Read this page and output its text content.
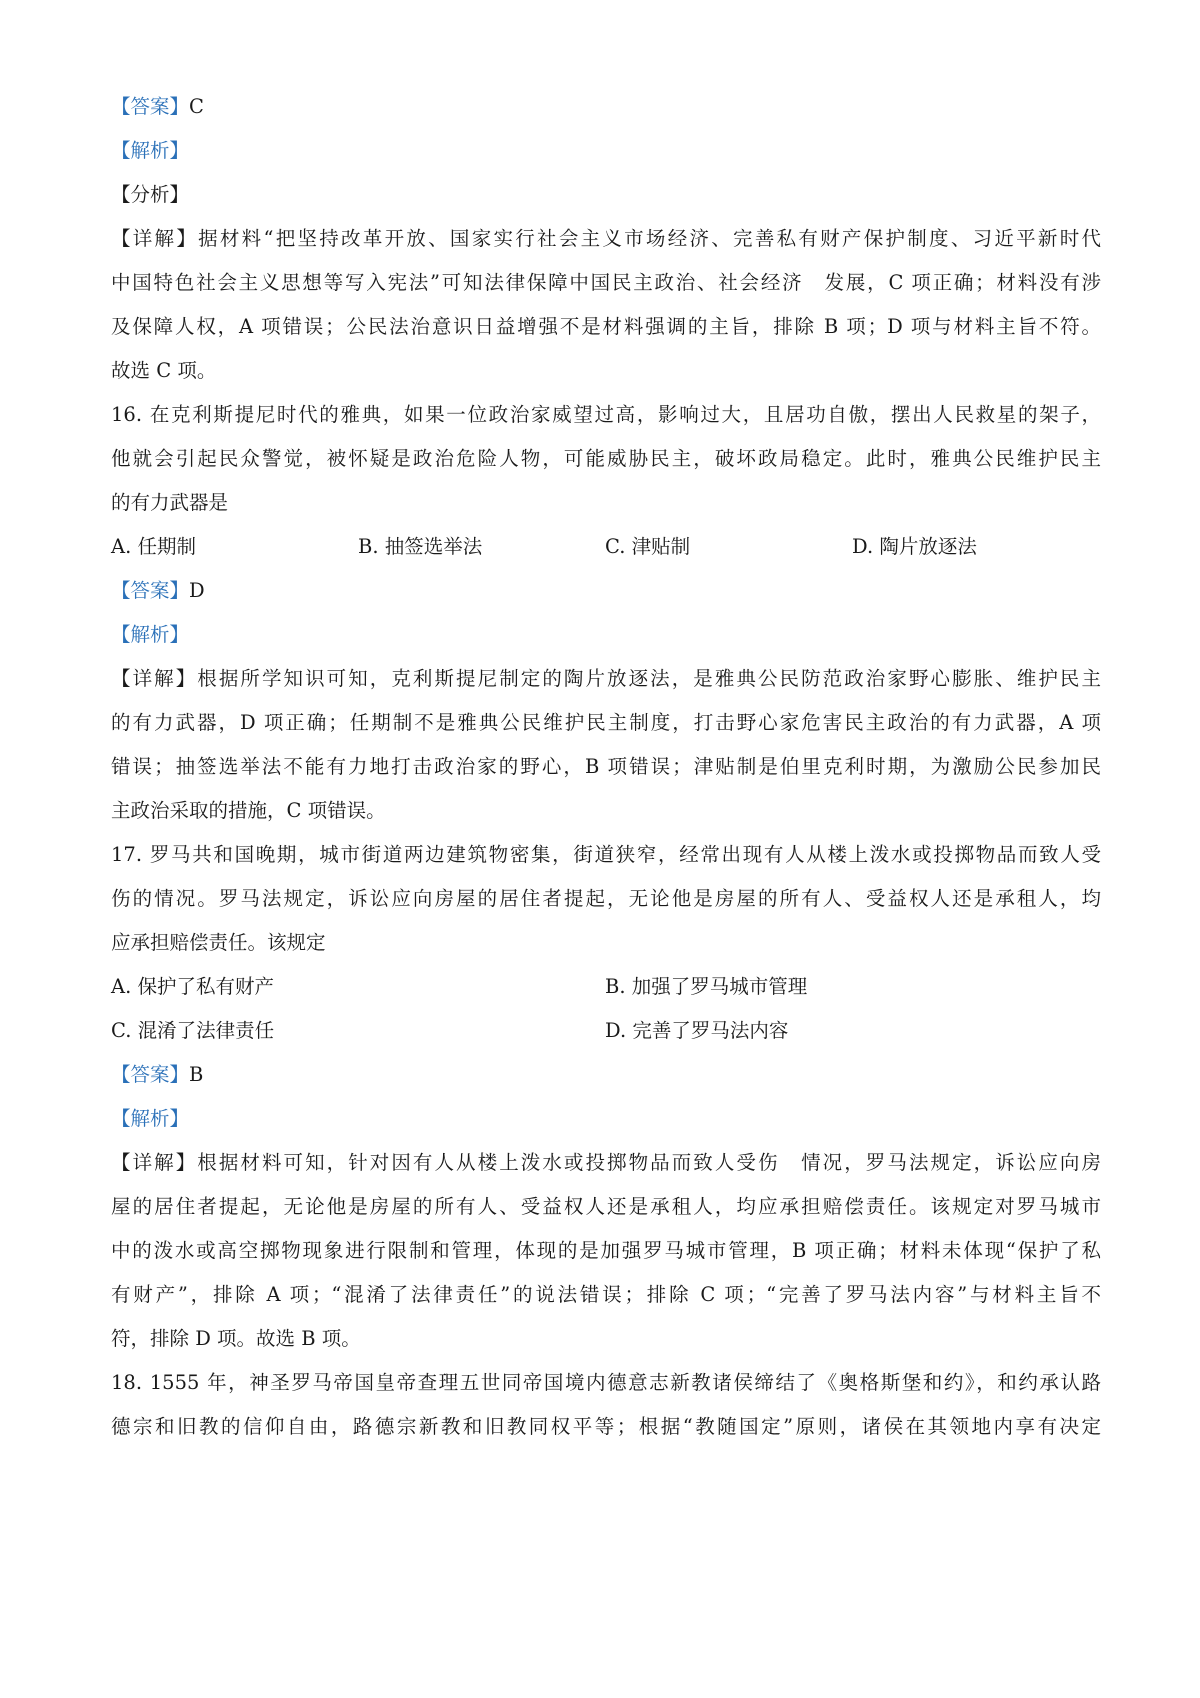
【答案】C
【解析】
【分析】
【详解】据材料“把坚持改革开放、国家实行社会主义市场经济、完善私有财产保护制度、习近平新时代
中国特色社会主义思想等写入宪法”可知法律保障中国民主政治、社会经济　发展，C 项正确；材料没有涉
及保障人权，A 项错误；公民法治意识日益增强不是材料强调的主旨，排除 B 项；D 项与材料主旨不符。
故选 C 项。
16. 在克利斯提尼时代的雅典，如果一位政治家威望过高，影响过大，且居功自傲，摆出人民救星的架子，
他就会引起民众警觉，被怀疑是政治危险人物，可能威胁民主，破坏政局稳定。此时，雅典公民维护民主
的有力武器是
A. 任期制	B. 抽签选举法	C. 津贴制	D. 陶片放逐法
【答案】D
【解析】
【详解】根据所学知识可知，克利斯提尼制定的陶片放逐法，是雅典公民防范政治家野心膨胀、维护民主
的有力武器，D 项正确；任期制不是雅典公民维护民主制度，打击野心家危害民主政治的有力武器，A 项
错误；抽签选举法不能有力地打击政治家的野心，B 项错误；津贴制是伯里克利时期，为激励公民参加民
主政治采取的措施，C 项错误。
17. 罗马共和国晚期，城市街道两边建筑物密集，街道狭窄，经常出现有人从楼上泼水或投掷物品而致人受
伤的情况。罗马法规定，诉讼应向房屋的居住者提起，无论他是房屋的所有人、受益权人还是承租人，均
应承担赔偿责任。该规定
A. 保护了私有财产	B. 加强了罗马城市管理
C. 混淆了法律责任	D. 完善了罗马法内容
【答案】B
【解析】
【详解】根据材料可知，针对因有人从楼上泼水或投掷物品而致人受伤　情况，罗马法规定，诉讼应向房
屋的居住者提起，无论他是房屋的所有人、受益权人还是承租人，均应承担赔偿责任。该规定对罗马城市
中的泼水或高空掷物现象进行限制和管理，体现的是加强罗马城市管理，B 项正确；材料未体现“保护了私
有财产”，排除 A 项；“混淆了法律责任”的说法错误；排除 C 项；“完善了罗马法内容”与材料主旨不
符，排除 D 项。故选 B 项。
18. 1555 年，神圣罗马帝国皇帝查理五世同帝国境内德意志新教诸侯缔结了《奥格斯堡和约》，和约承认路
德宗和旧教的信仰自由，路德宗新教和旧教同权平等；根据“教随国定”原则，诸侯在其领地内享有决定
